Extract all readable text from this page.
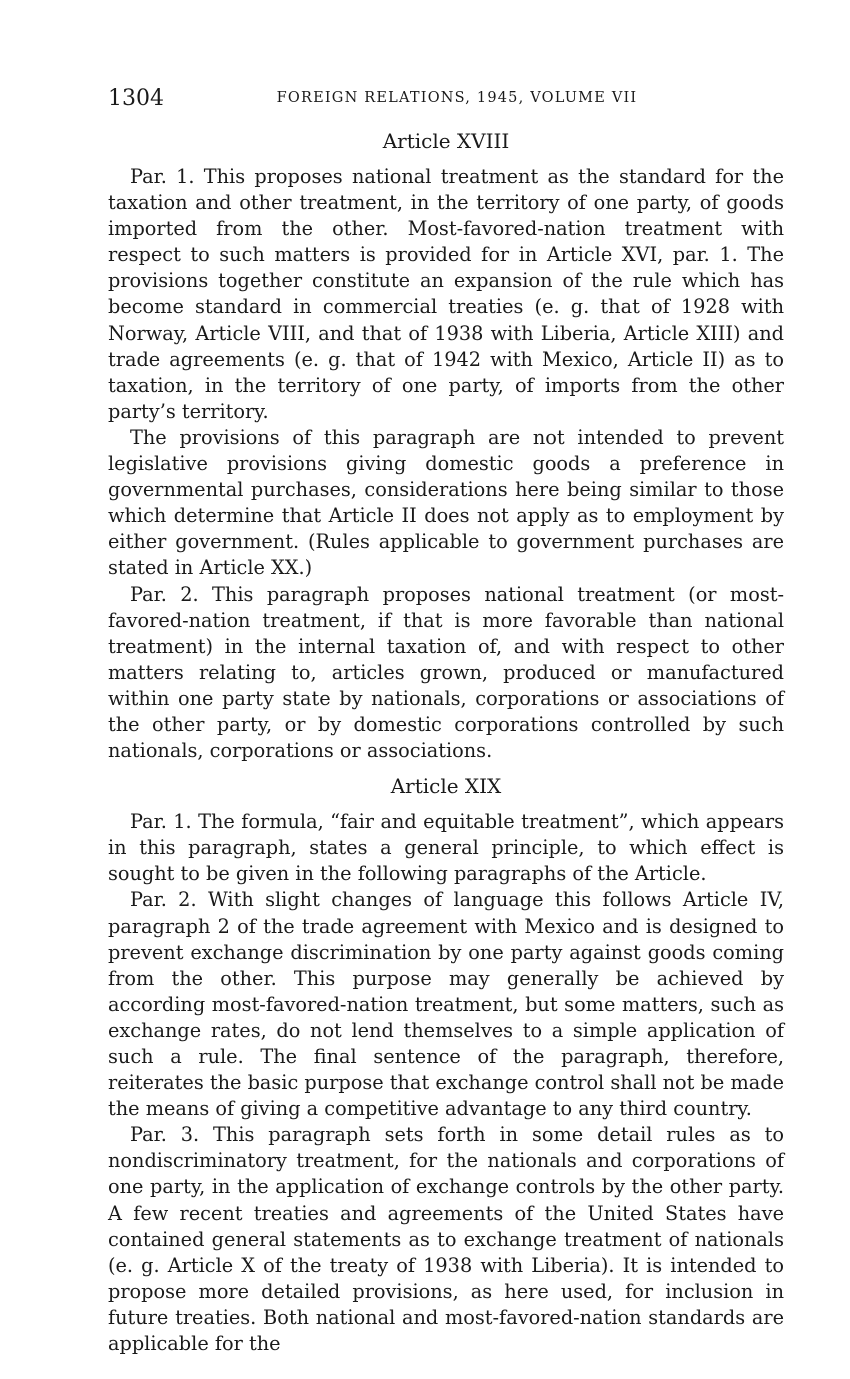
1304	FOREIGN RELATIONS, 1945, VOLUME VII
Article XVIII

Par. 1. This proposes national treatment as the standard for the taxation and other treatment, in the territory of one party, of goods imported from the other. Most-favored-nation treatment with respect to such matters is provided for in Article XVI, par. 1. The provisions together constitute an expansion of the rule which has become standard in commercial treaties (e. g. that of 1928 with Norway, Article VIII, and that of 1938 with Liberia, Article XIII) and trade agreements (e. g. that of 1942 with Mexico, Article II) as to taxation, in the territory of one party, of imports from the other party’s territory.

The provisions of this paragraph are not intended to prevent legislative provisions giving domestic goods a preference in governmental purchases, considerations here being similar to those which determine that Article II does not apply as to employment by either government. (Rules applicable to government purchases are stated in Article XX.)

Par. 2. This paragraph proposes national treatment (or most-favored-nation treatment, if that is more favorable than national treatment) in the internal taxation of, and with respect to other matters relating to, articles grown, produced or manufactured within one party state by nationals, corporations or associations of the other party, or by domestic corporations controlled by such nationals, corporations or associations.

Article XIX

Par. 1. The formula, “fair and equitable treatment”, which appears in this paragraph, states a general principle, to which effect is sought to be given in the following paragraphs of the Article.

Par. 2. With slight changes of language this follows Article IV, paragraph 2 of the trade agreement with Mexico and is designed to prevent exchange discrimination by one party against goods coming from the other. This purpose may generally be achieved by according most-favored-nation treatment, but some matters, such as exchange rates, do not lend themselves to a simple application of such a rule. The final sentence of the paragraph, therefore, reiterates the basic purpose that exchange control shall not be made the means of giving a competitive advantage to any third country.

Par. 3. This paragraph sets forth in some detail rules as to nondiscriminatory treatment, for the nationals and corporations of one party, in the application of exchange controls by the other party. A few recent treaties and agreements of the United States have contained general statements as to exchange treatment of nationals (e. g. Article X of the treaty of 1938 with Liberia). It is intended to propose more detailed provisions, as here used, for inclusion in future treaties. Both national and most-favored-nation standards are applicable for the
